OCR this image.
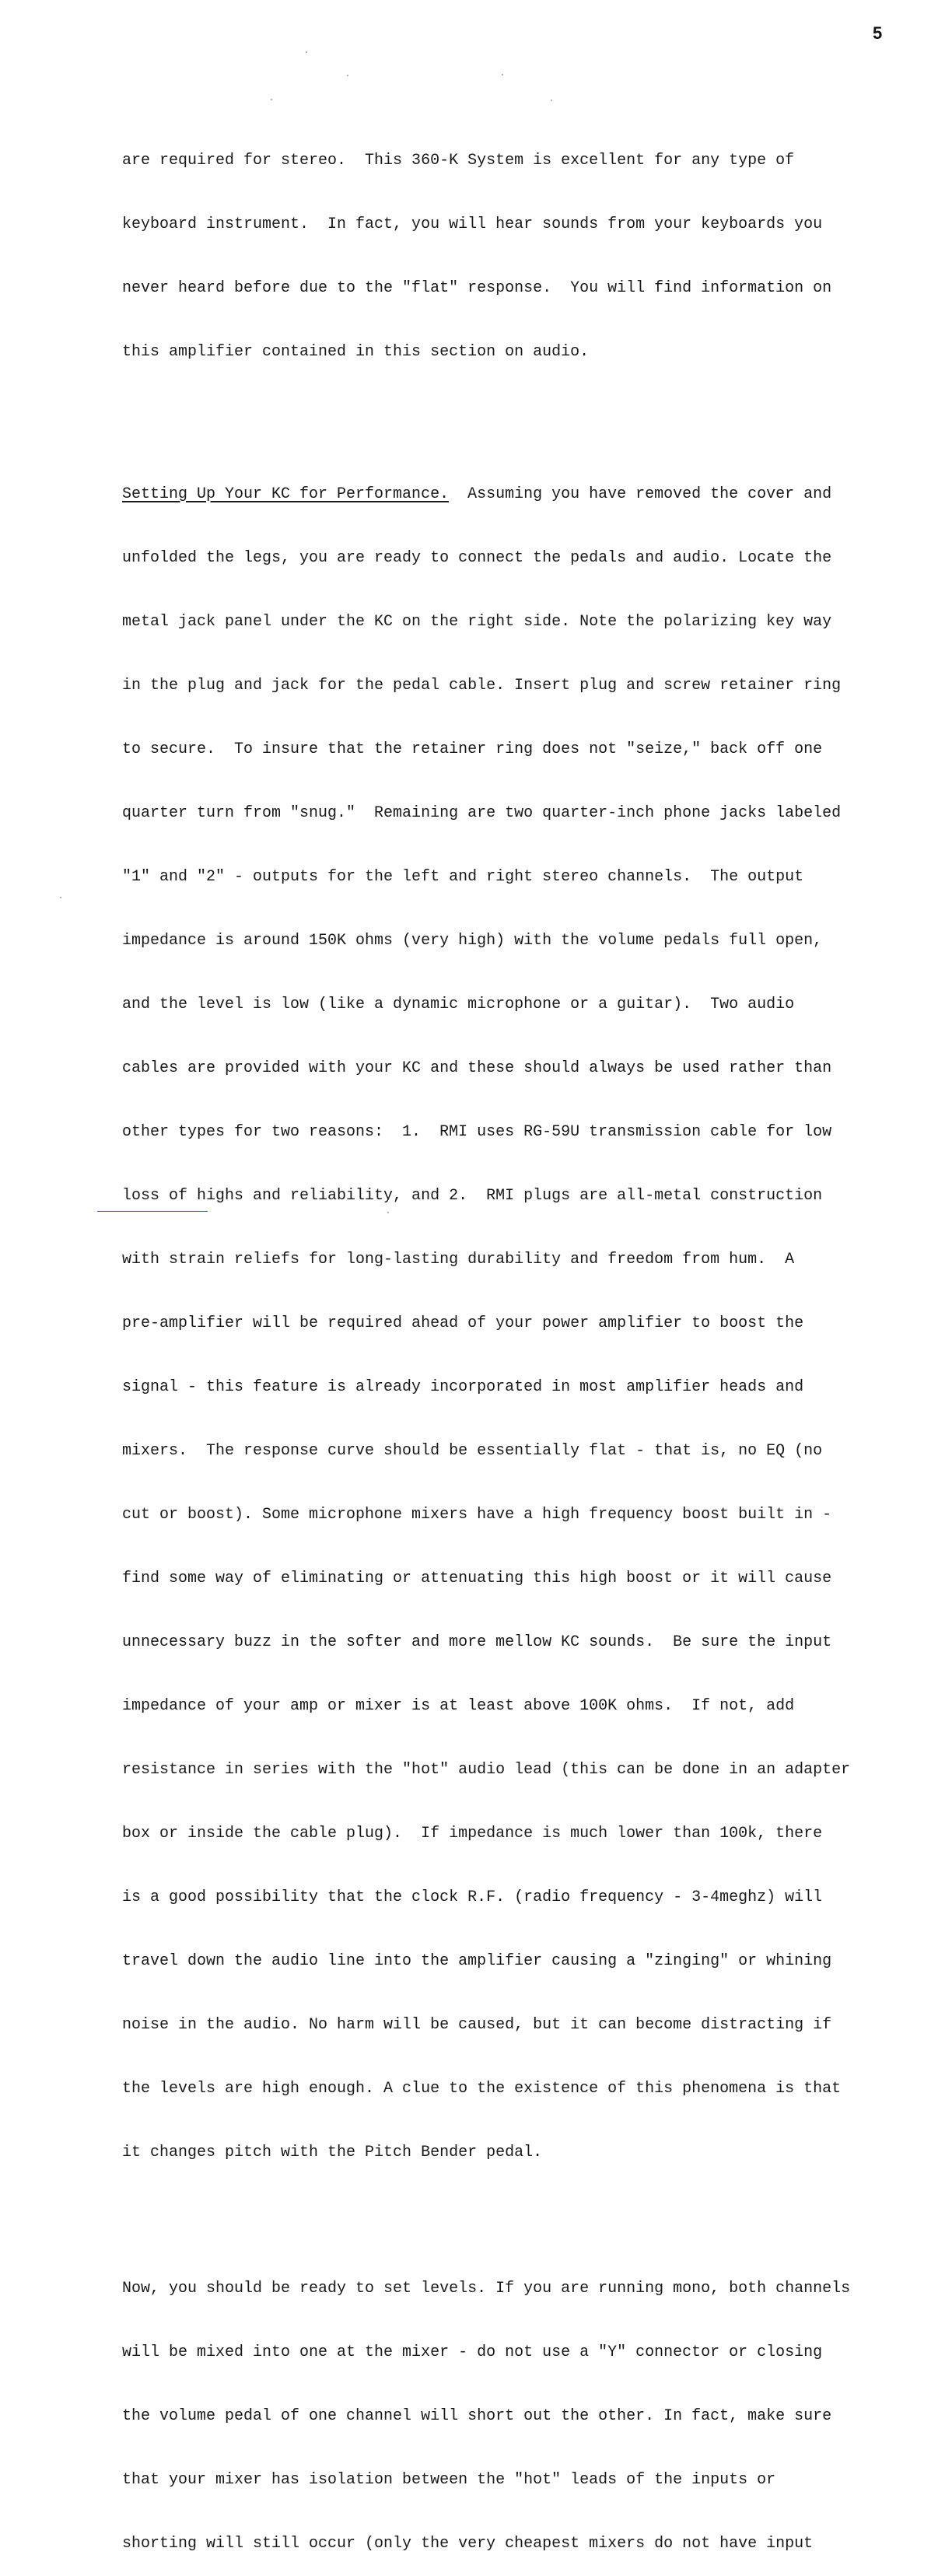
5

are required for stereo.  This 360-K System is excellent for any type of

keyboard instrument.  In fact, you will hear sounds from your keyboards you

never heard before due to the "flat" response.  You will find information on

this amplifier contained in this section on audio.

Setting Up Your KC for Performance.  Assuming you have removed the cover and

unfolded the legs, you are ready to connect the pedals and audio. Locate the

metal jack panel under the KC on the right side. Note the polarizing key way

in the plug and jack for the pedal cable. Insert plug and screw retainer ring

to secure.  To insure that the retainer ring does not "seize," back off one

quarter turn from "snug."  Remaining are two quarter-inch phone jacks labeled

"1" and "2" - outputs for the left and right stereo channels.  The output

impedance is around 150K ohms (very high) with the volume pedals full open,

and the level is low (like a dynamic microphone or a guitar).  Two audio

cables are provided with your KC and these should always be used rather than

other types for two reasons:  1.  RMI uses RG-59U transmission cable for low

loss of highs and reliability, and 2.  RMI plugs are all-metal construction

with strain reliefs for long-lasting durability and freedom from hum.  A

pre-amplifier will be required ahead of your power amplifier to boost the

signal - this feature is already incorporated in most amplifier heads and

mixers.  The response curve should be essentially flat - that is, no EQ (no

cut or boost). Some microphone mixers have a high frequency boost built in -

find some way of eliminating or attenuating this high boost or it will cause

unnecessary buzz in the softer and more mellow KC sounds.  Be sure the input

impedance of your amp or mixer is at least above 100K ohms.  If not, add

resistance in series with the "hot" audio lead (this can be done in an adapter

box or inside the cable plug).  If impedance is much lower than 100k, there

is a good possibility that the clock R.F. (radio frequency - 3-4meghz) will

travel down the audio line into the amplifier causing a "zinging" or whining

noise in the audio. No harm will be caused, but it can become distracting if

the levels are high enough. A clue to the existence of this phenomena is that

it changes pitch with the Pitch Bender pedal.

Now, you should be ready to set levels. If you are running mono, both channels

will be mixed into one at the mixer - do not use a "Y" connector or closing

the volume pedal of one channel will short out the other. In fact, make sure

that your mixer has isolation between the "hot" leads of the inputs or

shorting will still occur (only the very cheapest mixers do not have input
